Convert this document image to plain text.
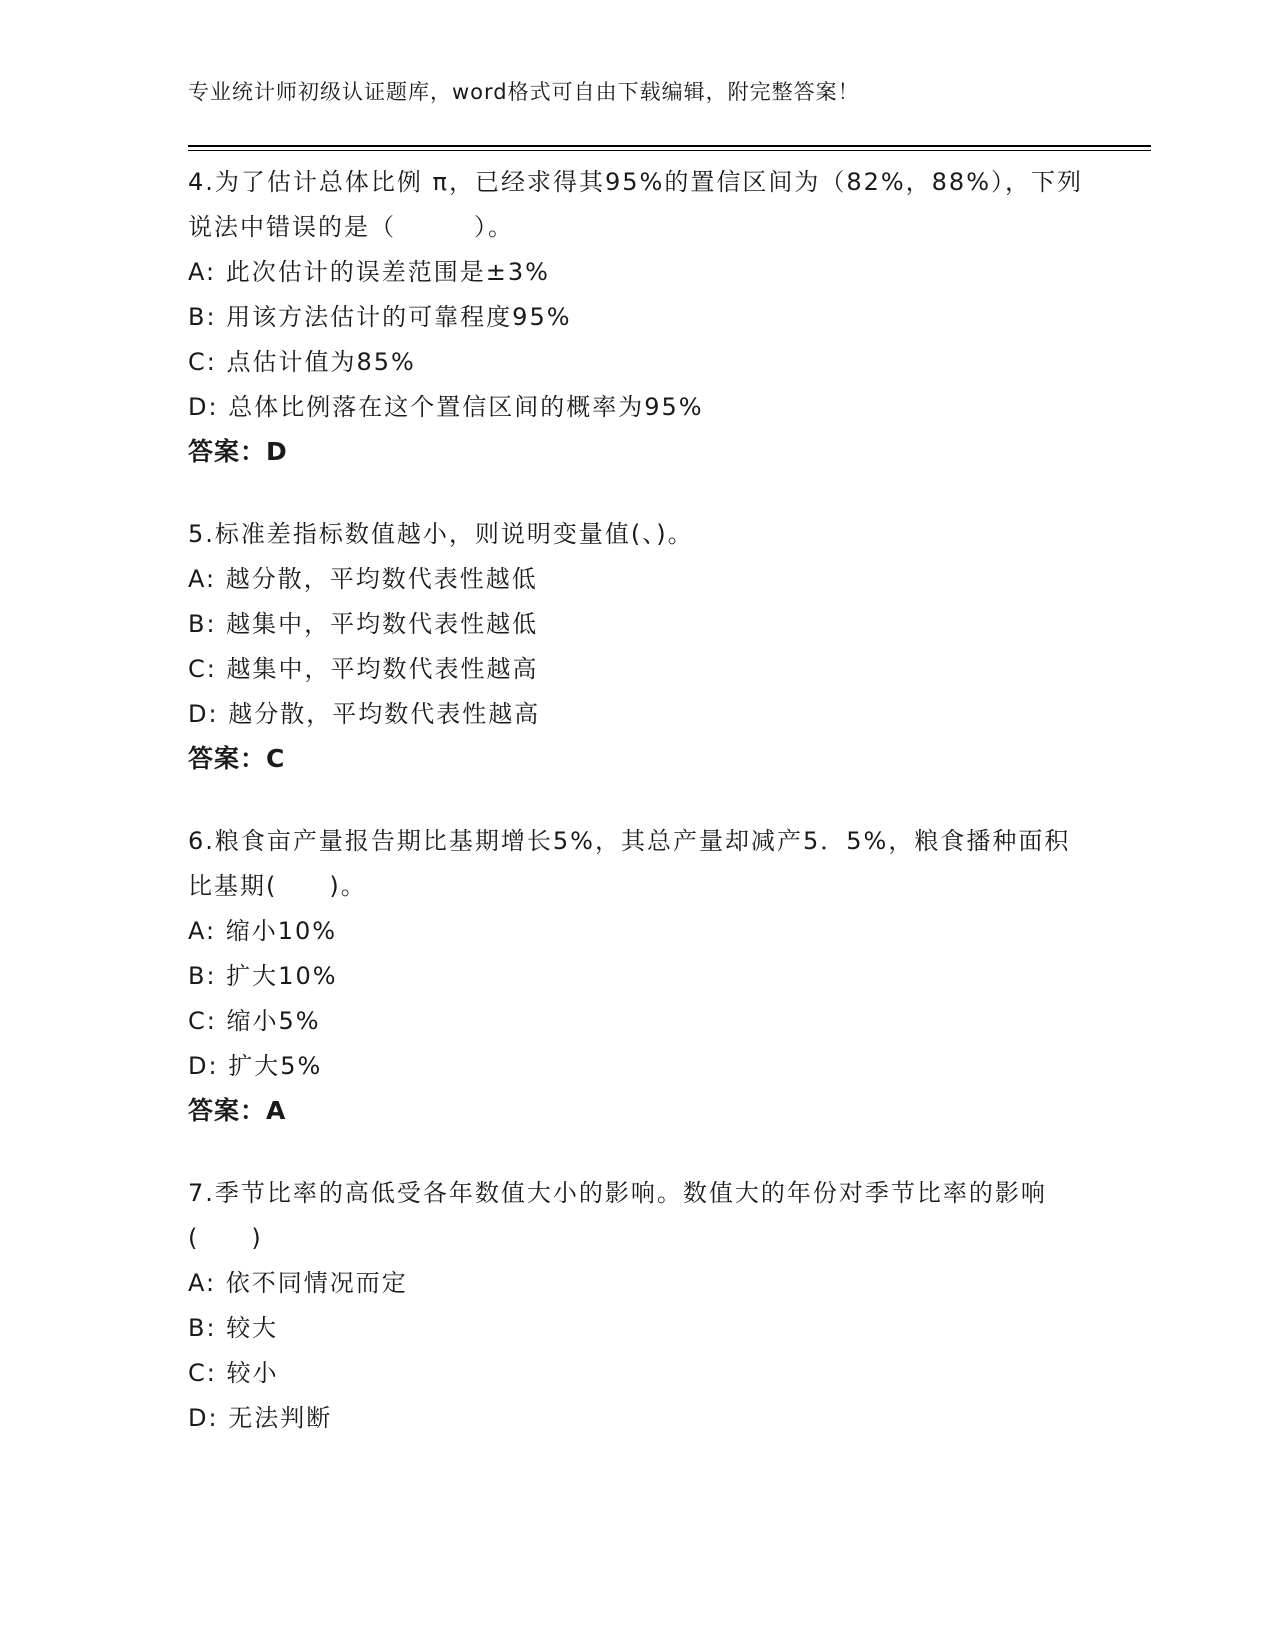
专业统计师初级认证题库，word格式可自由下载编辑，附完整答案！
4.为了估计总体比例 π，已经求得其95%的置信区间为（82%，88%），下列说法中错误的是（　　　）。
A: 此次估计的误差范围是±3%
B: 用该方法估计的可靠程度95%
C: 点估计值为85%
D: 总体比例落在这个置信区间的概率为95%
答案：D
5.标准差指标数值越小，则说明变量值(、)。
A: 越分散，平均数代表性越低
B: 越集中，平均数代表性越低
C: 越集中，平均数代表性越高
D: 越分散，平均数代表性越高
答案：C
6.粮食亩产量报告期比基期增长5%，其总产量却减产5．5%，粮食播种面积比基期(　　)。
A: 缩小10%
B: 扩大10%
C: 缩小5%
D: 扩大5%
答案：A
7.季节比率的高低受各年数值大小的影响。数值大的年份对季节比率的影响(　　)
A: 依不同情况而定
B: 较大
C: 较小
D: 无法判断
